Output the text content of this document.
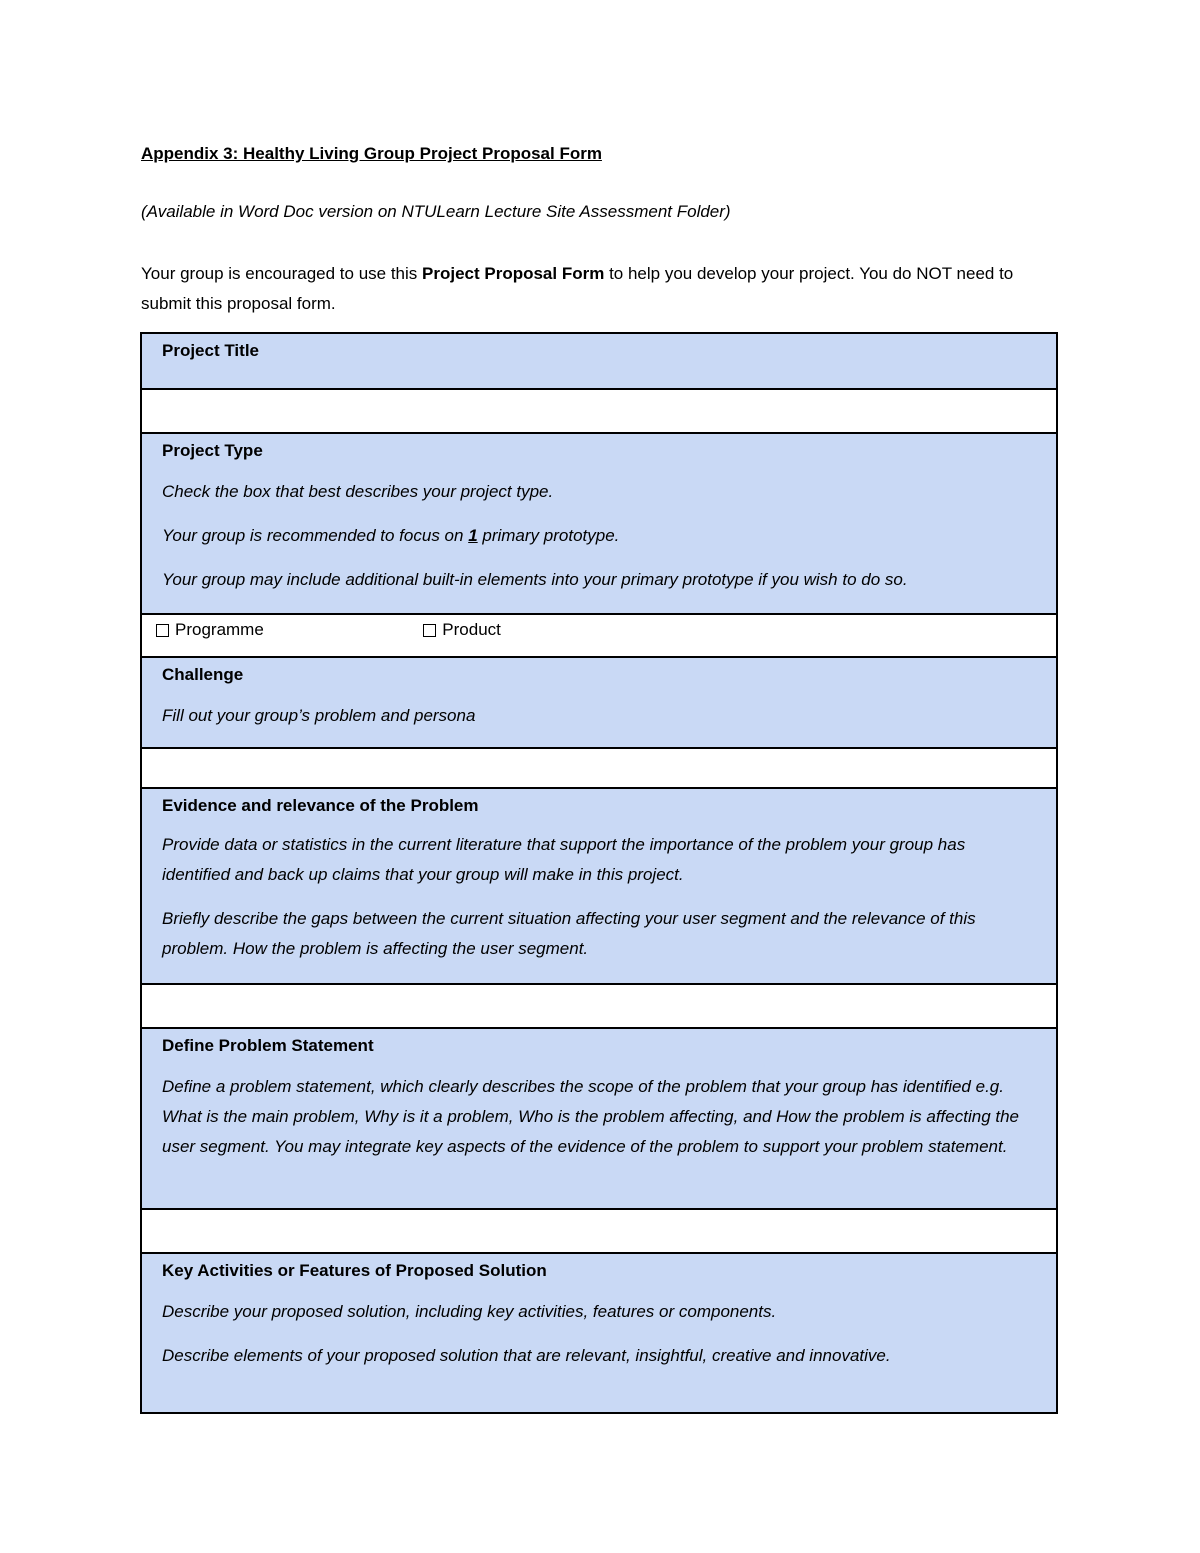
Appendix 3: Healthy Living Group Project Proposal Form
(Available in Word Doc version on NTULearn Lecture Site Assessment Folder)
Your group is encouraged to use this Project Proposal Form to help you develop your project. You do NOT need to submit this proposal form.
Project Title

Project Type
Check the box that best describes your project type.
Your group is recommended to focus on 1 primary prototype.
Your group may include additional built-in elements into your primary prototype if you wish to do so.

Programme
	Product

Challenge
Fill out your group’s problem and persona

Evidence and relevance of the Problem
Provide data or statistics in the current literature that support the importance of the problem your group has identified and back up claims that your group will make in this project.
Briefly describe the gaps between the current situation affecting your user segment and the relevance of this problem. How the problem is affecting the user segment.

Define Problem Statement
Define a problem statement, which clearly describes the scope of the problem that your group has identified e.g. What is the main problem, Why is it a problem, Who is the problem affecting, and How the problem is affecting the user segment. You may integrate key aspects of the evidence of the problem to support your problem statement.

Key Activities or Features of Proposed Solution
Describe your proposed solution, including key activities, features or components.
Describe elements of your proposed solution that are relevant, insightful, creative and innovative.
